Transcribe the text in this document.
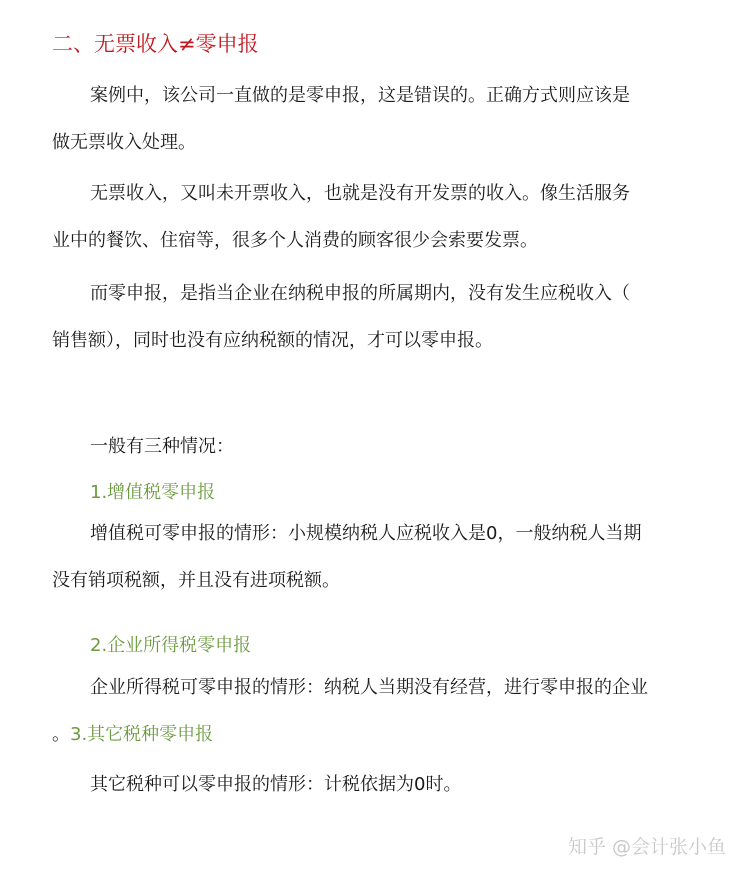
二、无票收入≠零申报
案例中，该公司一直做的是零申报，这是错误的。正确方式则应该是
做无票收入处理。
无票收入，又叫未开票收入，也就是没有开发票的收入。像生活服务
业中的餐饮、住宿等，很多个人消费的顾客很少会索要发票。
而零申报，是指当企业在纳税申报的所属期内，没有发生应税收入（
销售额），同时也没有应纳税额的情况，才可以零申报。
一般有三种情况：
1.增值税零申报
增值税可零申报的情形：小规模纳税人应税收入是0，一般纳税人当期
没有销项税额，并且没有进项税额。
2.企业所得税零申报
企业所得税可零申报的情形：纳税人当期没有经营，进行零申报的企业
。3.其它税种零申报
其它税种可以零申报的情形：计税依据为0时。
知乎 @会计张小鱼
